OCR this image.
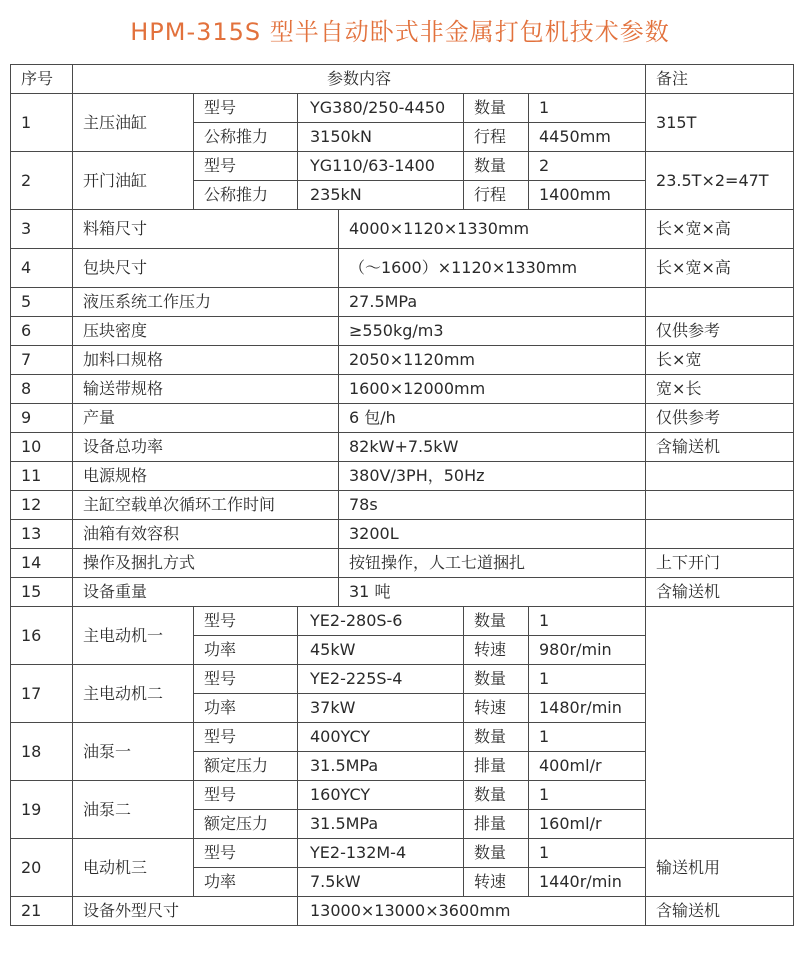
HPM-315S 型半自动卧式非金属打包机技术参数
序号	参数内容						备注
1	主压油缸	型号	YG380/250-4450		数量	1	315T
		公称推力	3150kN		行程	4450mm	
2	开门油缸	型号	YG110/63-1400		数量	2	23.5T×2=47T
		公称推力	235kN		行程	1400mm	
3	料箱尺寸			4000×1120×1330mm			长×宽×高
4	包块尺寸			（～1600）×1120×1330mm			长×宽×高
5	液压系统工作压力			27.5MPa			
6	压块密度			≥550kg/m3			仅供参考
7	加料口规格			2050×1120mm			长×宽
8	输送带规格			1600×12000mm			宽×长
9	产量			6 包/h			仅供参考
10	设备总功率			82kW+7.5kW			含输送机
11	电源规格			380V/3PH，50Hz			
12	主缸空载单次循环工作时间			78s			
13	油箱有效容积			3200L			
14	操作及捆扎方式			按钮操作，人工七道捆扎			上下开门
15	设备重量			31 吨			含输送机
16	主电动机一	型号	YE2-280S-6		数量	1	
		功率	45kW		转速	980r/min	
17	主电动机二	型号	YE2-225S-4		数量	1	
		功率	37kW		转速	1480r/min	
18	油泵一	型号	400YCY		数量	1	
		额定压力	31.5MPa		排量	400ml/r	
19	油泵二	型号	160YCY		数量	1	
		额定压力	31.5MPa		排量	160ml/r	
20	电动机三	型号	YE2-132M-4		数量	1	输送机用
		功率	7.5kW		转速	1440r/min	
21	设备外型尺寸		13000×13000×3600mm				含输送机
